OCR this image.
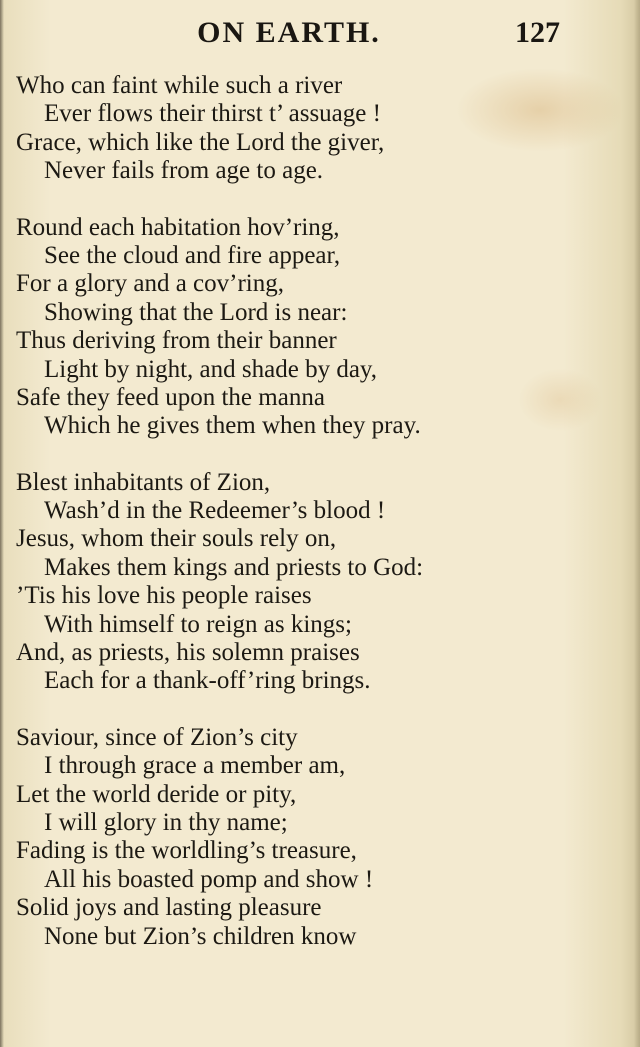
ON EARTH.	127
Who can faint while such a river
Ever flows their thirst t’ assuage !
Grace, which like the Lord the giver,
Never fails from age to age.
Round each habitation hov’ring,
See the cloud and fire appear,
For a glory and a cov’ring,
Showing that the Lord is near:
Thus deriving from their banner
Light by night, and shade by day,
Safe they feed upon the manna
Which he gives them when they pray.
Blest inhabitants of Zion,
Wash’d in the Redeemer’s blood !
Jesus, whom their souls rely on,
Makes them kings and priests to God:
’Tis his love his people raises
With himself to reign as kings;
And, as priests, his solemn praises
Each for a thank-off’ring brings.
Saviour, since of Zion’s city
I through grace a member am,
Let the world deride or pity,
I will glory in thy name;
Fading is the worldling’s treasure,
All his boasted pomp and show !
Solid joys and lasting pleasure
None but Zion’s children know
